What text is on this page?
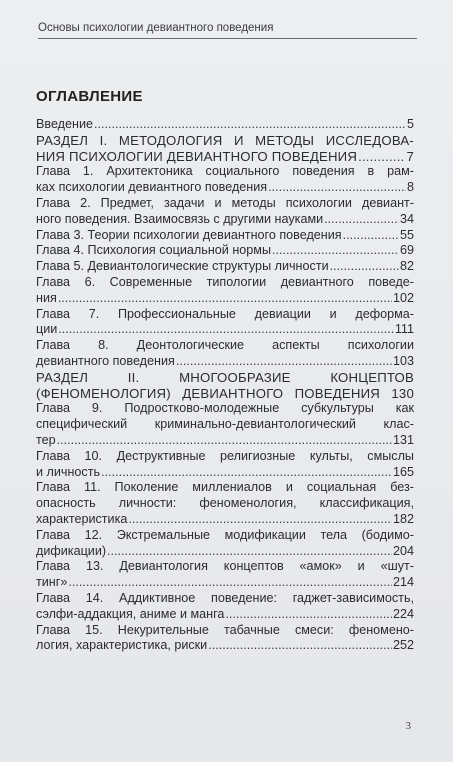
Основы психологии девиантного поведения
ОГЛАВЛЕНИЕ
Введение .....	5
РАЗДЕЛ I. МЕТОДОЛОГИЯ И МЕТОДЫ ИССЛЕДОВА-
НИЯ ПСИХОЛОГИИ ДЕВИАНТНОГО ПОВЕДЕНИЯ .....	7
Глава 1. Архитектоника социального поведения в рам-
ках психологии девиантного поведения .....	8
Глава 2. Предмет, задачи и методы психологии девиант-
ного поведения. Взаимосвязь с другими науками .....	34
Глава 3. Теории психологии девиантного поведения .....	55
Глава 4. Психология социальной нормы .....	69
Глава 5. Девиантологические структуры личности .....	82
Глава 6. Современные типологии девиантного поведе-
ния .....	102
Глава 7. Профессиональные девиации и деформа-
ции .....	111
Глава 8. Деонтологические аспекты психологии
девиантного поведения .....	103
РАЗДЕЛ II. МНОГООБРАЗИЕ КОНЦЕПТОВ
(ФЕНОМЕНОЛОГИЯ) ДЕВИАНТНОГО ПОВЕДЕНИЯ 130
Глава 9. Подростково-молодежные субкультуры как
специфический криминально-девиантологический клас-
тер .....	131
Глава 10. Деструктивные религиозные культы, смыслы
и личность .....	165
Глава 11. Поколение миллениалов и социальная без-
опасность личности: феноменология, классификация,
характеристика .....	182
Глава 12. Экстремальные модификации тела (бодимо-
дификации) .....	204
Глава 13. Девиантология концептов «амок» и «шут-
тинг» .....	214
Глава 14. Аддиктивное поведение: гаджет-зависимость,
сэлфи-аддакция, аниме и манга .....	224
Глава 15. Некурительные табачные смеси: феномено-
логия, характеристика, риски .....	252
3
